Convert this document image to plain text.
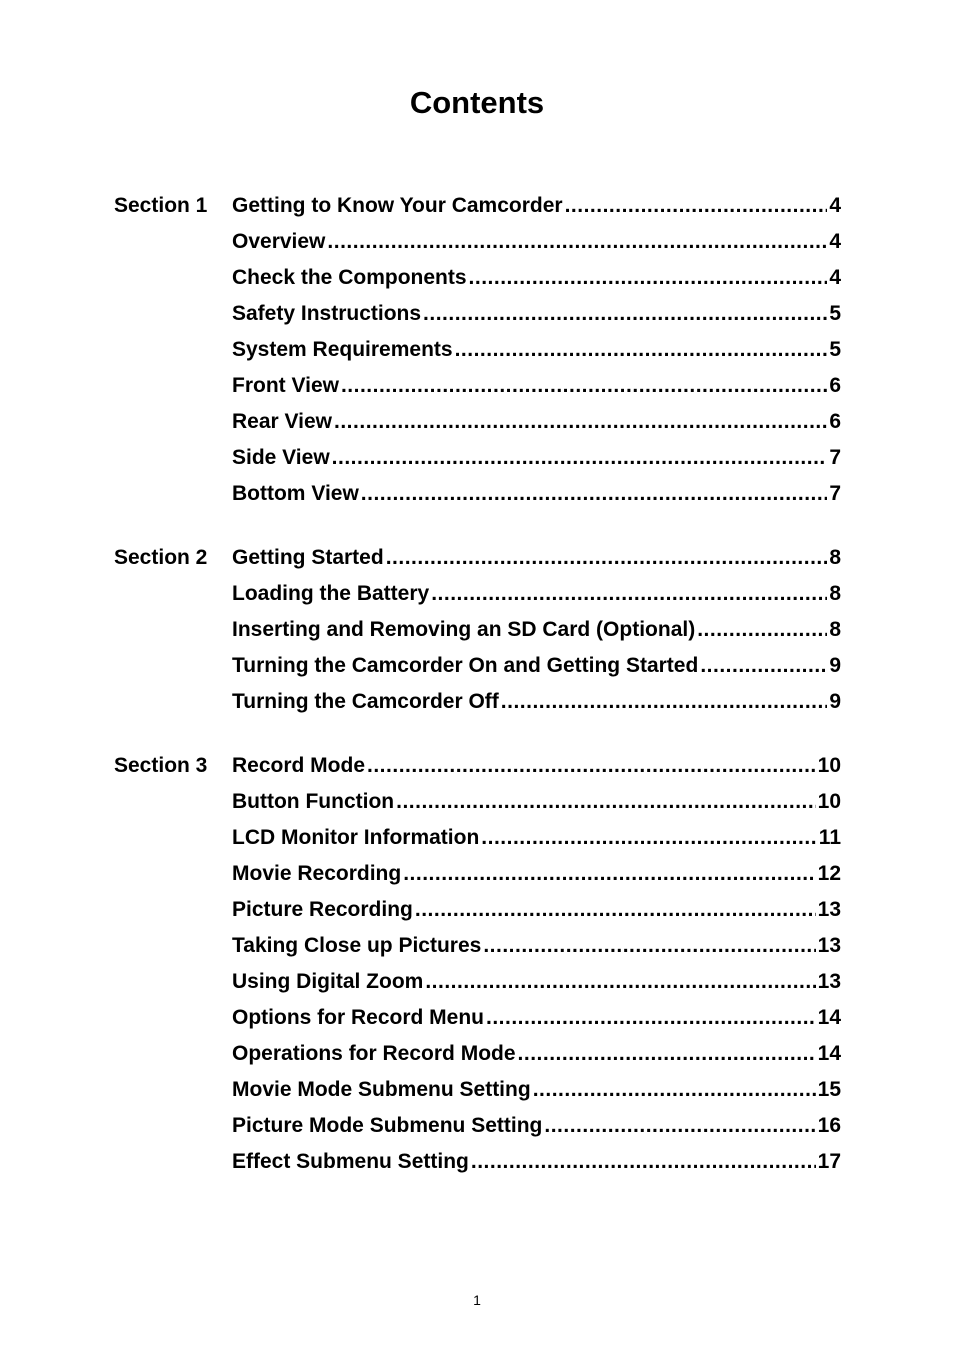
Contents
Section 1 Getting to Know Your Camcorder .....	4
Overview .....	4
Check the Components .....	4
Safety Instructions .....	5
System Requirements .....	5
Front View .....	6
Rear View .....	6
Side View .....	7
Bottom View .....	7
Section 2 Getting Started .....	8
Loading the Battery .....	8
Inserting and Removing an SD Card (Optional) .....	8
Turning the Camcorder On and Getting Started .....	9
Turning the Camcorder Off .....	9
Section 3 Record Mode .....	10
Button Function .....	10
LCD Monitor Information .....	11
Movie Recording .....	12
Picture Recording .....	13
Taking Close up Pictures .....	13
Using Digital Zoom .....	13
Options for Record Menu .....	14
Operations for Record Mode .....	14
Movie Mode Submenu Setting .....	15
Picture Mode Submenu Setting .....	16
Effect Submenu Setting .....	17
1
